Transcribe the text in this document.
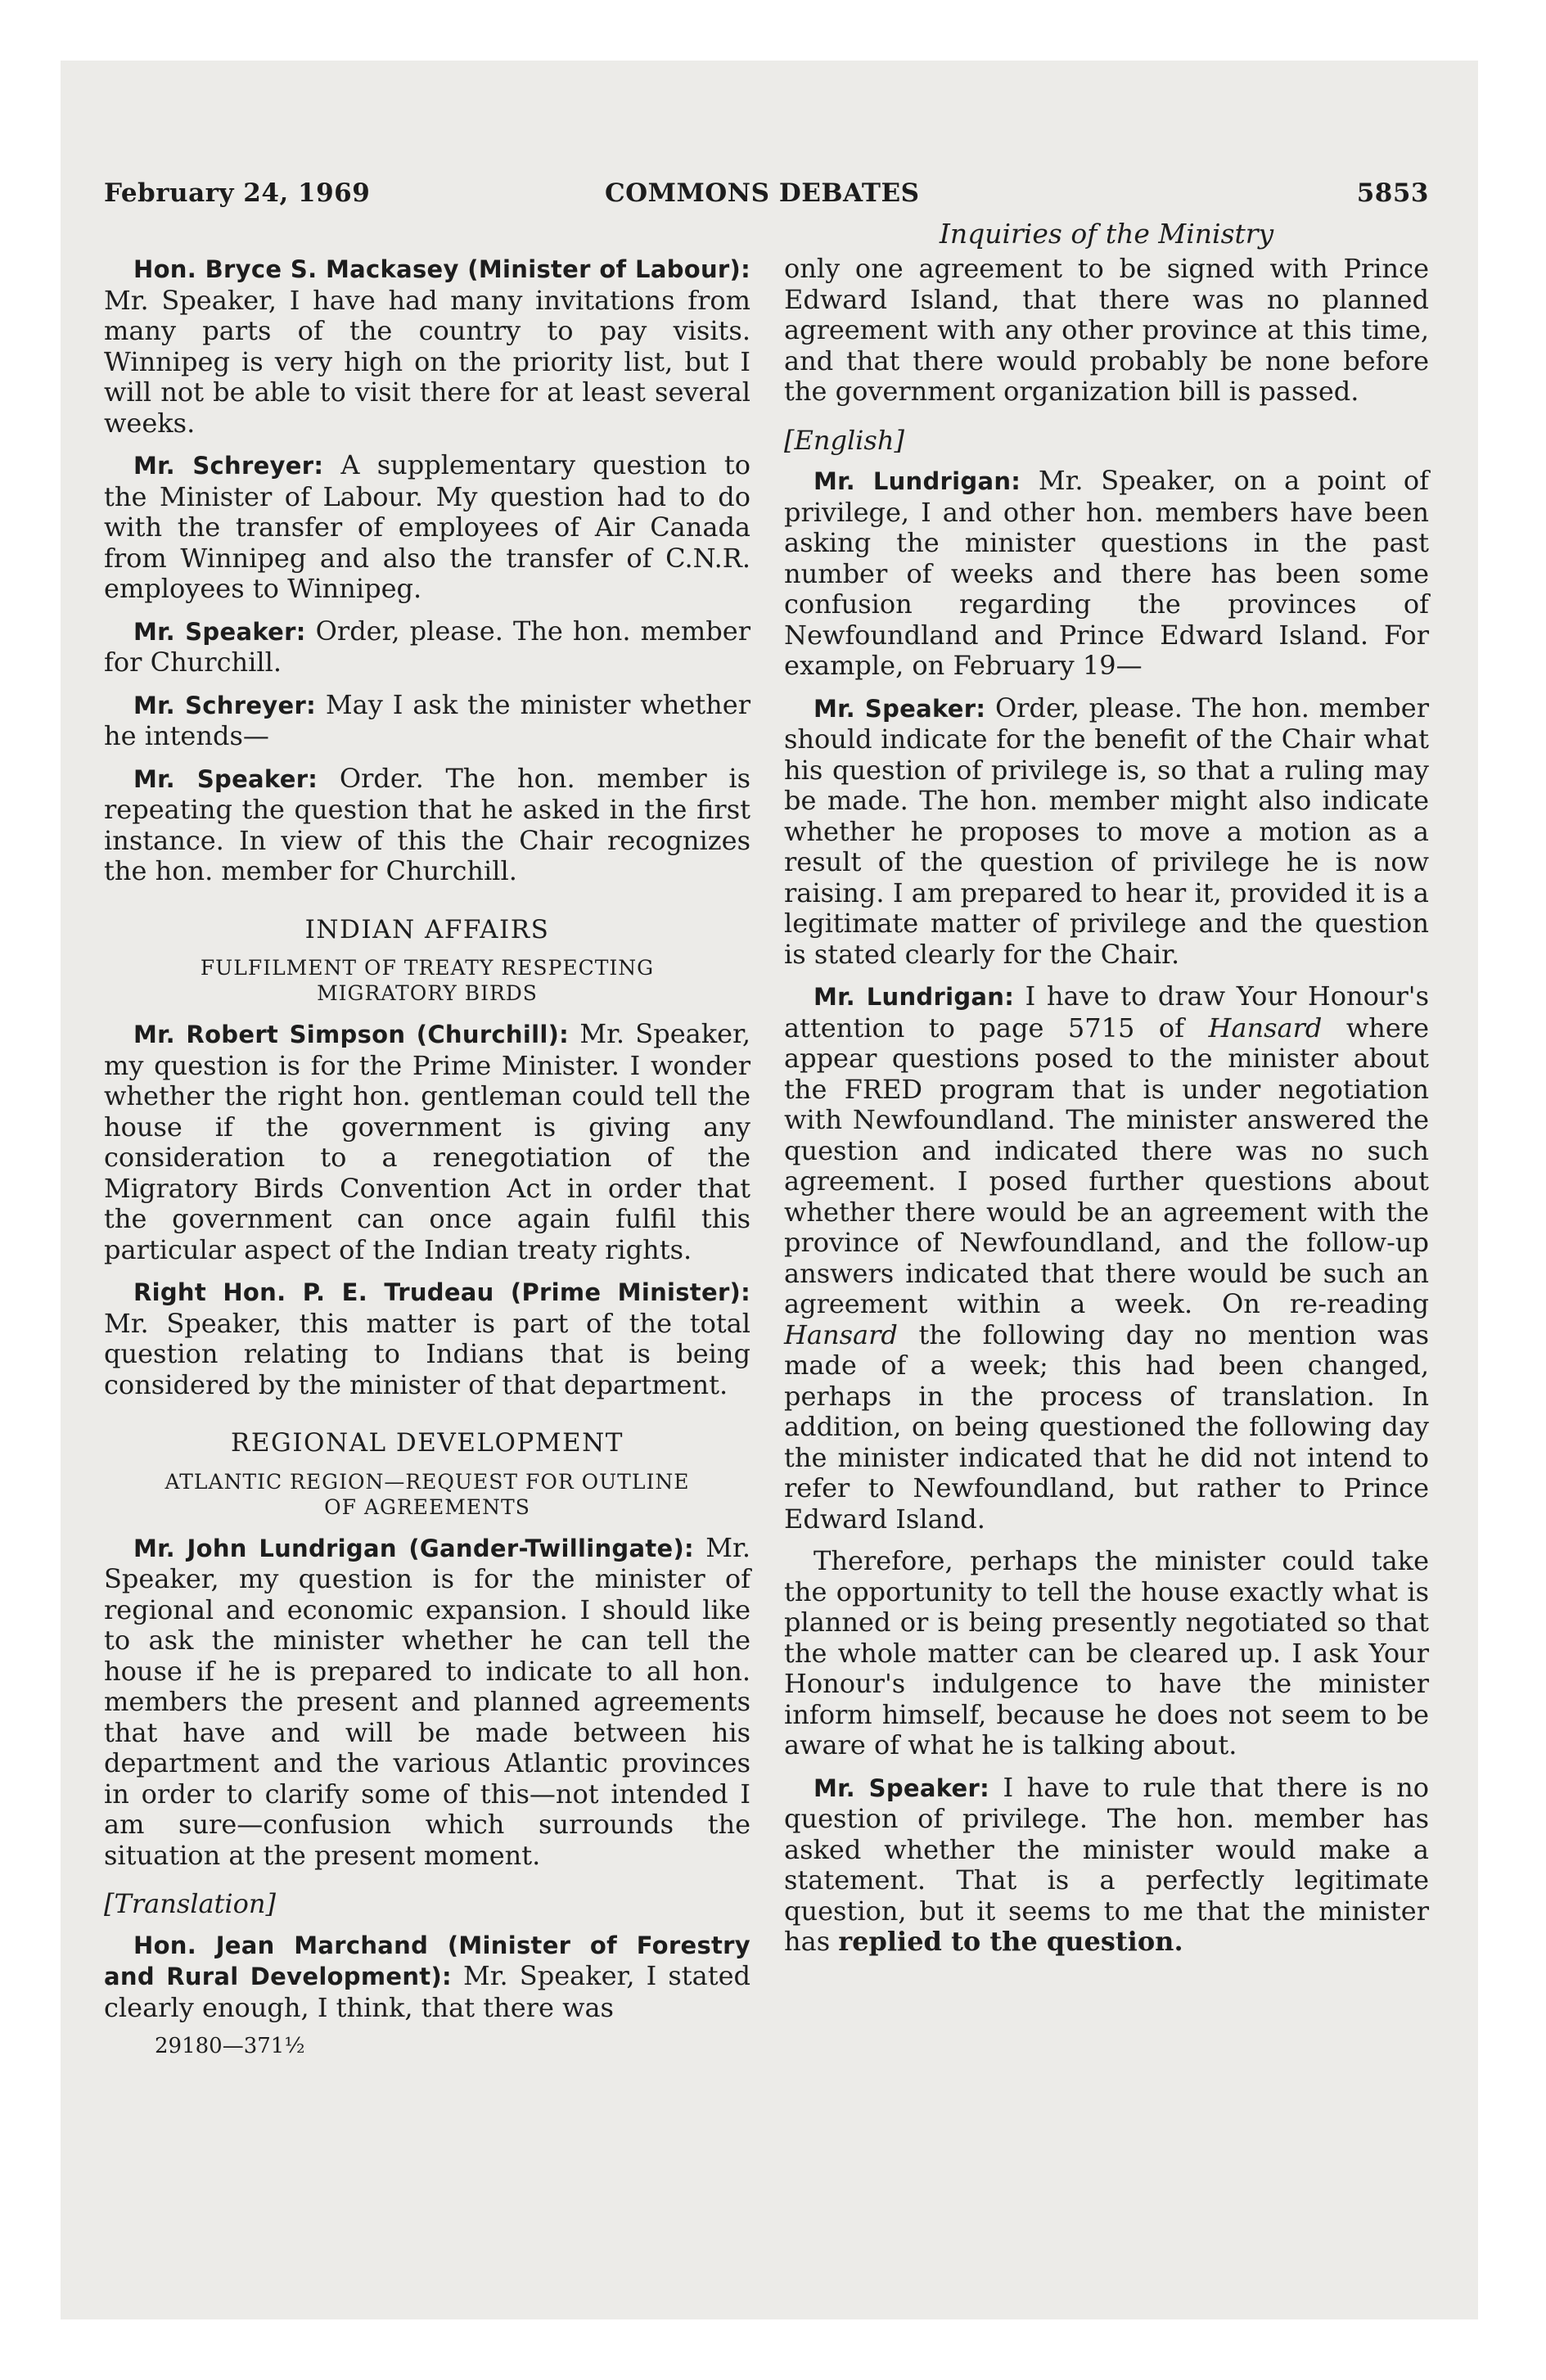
February 24, 1969	COMMONS DEBATES	5853
Inquiries of the Ministry

Hon. Bryce S. Mackasey (Minister of Labour): Mr. Speaker, I have had many invitations from many parts of the country to pay visits. Winnipeg is very high on the priority list, but I will not be able to visit there for at least several weeks.

Mr. Schreyer: A supplementary question to the Minister of Labour. My question had to do with the transfer of employees of Air Canada from Winnipeg and also the transfer of C.N.R. employees to Winnipeg.

Mr. Speaker: Order, please. The hon. member for Churchill.

Mr. Schreyer: May I ask the minister whether he intends—

Mr. Speaker: Order. The hon. member is repeating the question that he asked in the first instance. In view of this the Chair recognizes the hon. member for Churchill.

INDIAN AFFAIRS
FULFILMENT OF TREATY RESPECTING
MIGRATORY BIRDS

Mr. Robert Simpson (Churchill): Mr. Speaker, my question is for the Prime Minister. I wonder whether the right hon. gentleman could tell the house if the government is giving any consideration to a renegotiation of the Migratory Birds Convention Act in order that the government can once again fulfil this particular aspect of the Indian treaty rights.

Right Hon. P. E. Trudeau (Prime Minister): Mr. Speaker, this matter is part of the total question relating to Indians that is being considered by the minister of that department.

REGIONAL DEVELOPMENT
ATLANTIC REGION—REQUEST FOR OUTLINE
OF AGREEMENTS

Mr. John Lundrigan (Gander-Twillingate): Mr. Speaker, my question is for the minister of regional and economic expansion. I should like to ask the minister whether he can tell the house if he is prepared to indicate to all hon. members the present and planned agreements that have and will be made between his department and the various Atlantic provinces in order to clarify some of this—not intended I am sure—confusion which surrounds the situation at the present moment.

[Translation]

Hon. Jean Marchand (Minister of Forestry and Rural Development): Mr. Speaker, I stated clearly enough, I think, that there was

29180—371½

only one agreement to be signed with Prince Edward Island, that there was no planned agreement with any other province at this time, and that there would probably be none before the government organization bill is passed.

[English]

Mr. Lundrigan: Mr. Speaker, on a point of privilege, I and other hon. members have been asking the minister questions in the past number of weeks and there has been some confusion regarding the provinces of Newfoundland and Prince Edward Island. For example, on February 19—

Mr. Speaker: Order, please. The hon. member should indicate for the benefit of the Chair what his question of privilege is, so that a ruling may be made. The hon. member might also indicate whether he proposes to move a motion as a result of the question of privilege he is now raising. I am prepared to hear it, provided it is a legitimate matter of privilege and the question is stated clearly for the Chair.

Mr. Lundrigan: I have to draw Your Honour's attention to page 5715 of Hansard where appear questions posed to the minister about the FRED program that is under negotiation with Newfoundland. The minister answered the question and indicated there was no such agreement. I posed further questions about whether there would be an agreement with the province of Newfoundland, and the follow-up answers indicated that there would be such an agreement within a week. On re-reading Hansard the following day no mention was made of a week; this had been changed, perhaps in the process of translation. In addition, on being questioned the following day the minister indicated that he did not intend to refer to Newfoundland, but rather to Prince Edward Island.

Therefore, perhaps the minister could take the opportunity to tell the house exactly what is planned or is being presently negotiated so that the whole matter can be cleared up. I ask Your Honour's indulgence to have the minister inform himself, because he does not seem to be aware of what he is talking about.

Mr. Speaker: I have to rule that there is no question of privilege. The hon. member has asked whether the minister would make a statement. That is a perfectly legitimate question, but it seems to me that the minister has replied to the question.
